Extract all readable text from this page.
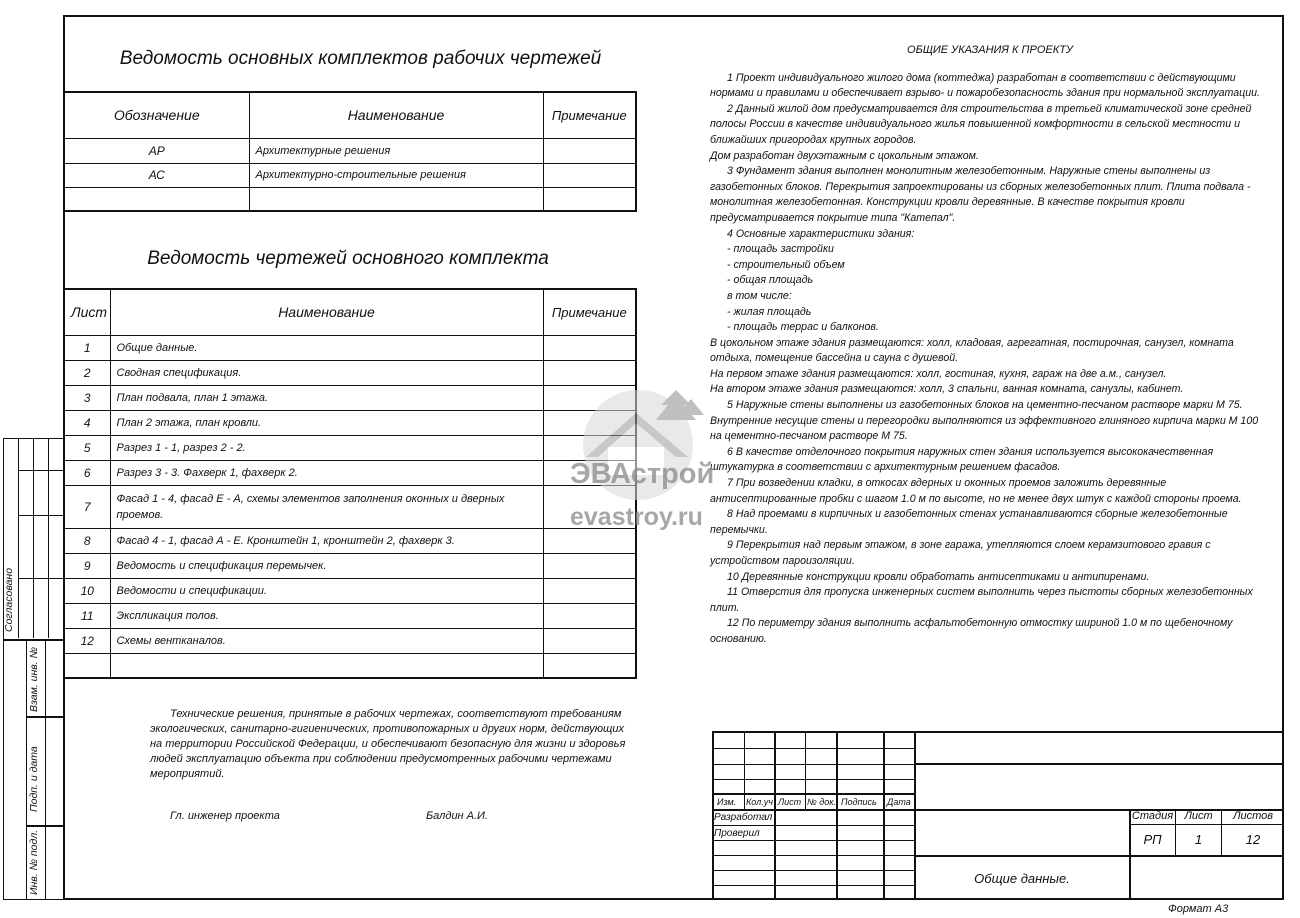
Согласовано
Взам. инв. №
Подп. и дата
Инв. № подл.
Ведомость основных комплектов рабочих чертежей
Обозначение	Наименование	Примечание
АР	Архитектурные решения	
АС	Архитектурно-строительные решения	

Ведомость чертежей основного комплекта
Лист	Наименование	Примечание
1	Общие данные.	
2	Сводная спецификация.	
3	План подвала, план 1 этажа.	
4	План 2 этажа, план кровли.	
5	Разрез 1 - 1, разрез 2 - 2.	
6	Разрез 3 - 3. Фахверк 1, фахверк 2.	
7	Фасад 1 - 4, фасад Е - А, схемы элементов заполнения оконных и дверных проемов.	
8	Фасад 4 - 1, фасад А - Е. Кронштейн 1, кронштейн 2, фахверк 3.	
9	Ведомость и спецификация перемычек.	
10	Ведомости и спецификации.	
11	Экспликация полов.	
12	Схемы вентканалов.	

Технические решения, принятые в рабочих чертежах, соответствуют требованиям экологических, санитарно-гигиенических, противопожарных и других норм, действующих на территории Российской Федерации, и обеспечивают безопасную для жизни и здоровья людей эксплуатацию объекта при соблюдении предусмотренных рабочими чертежами мероприятий.
Гл. инженер проекта	Балдин А.И.
ОБЩИЕ УКАЗАНИЯ К ПРОЕКТУ

1 Проект индивидуального жилого дома (коттеджа) разработан в соответствии с действующими нормами и правилами и обеспечивает взрыво- и пожаробезопасность здания при нормальной эксплуатации.

2 Данный жилой дом предусматривается для строительства в третьей климатической зоне средней полосы России в качестве индивидуального жилья повышенной комфортности в сельской местности и ближайших пригородах крупных городов.

Дом разработан двухэтажным с цокольным этажом.

3 Фундамент здания выполнен монолитным железобетонным. Наружные стены выполнены из газобетонных блоков. Перекрытия запроектированы из сборных железобетонных плит. Плита подвала - монолитная железобетонная. Конструкции кровли деревянные. В качестве покрытия кровли предусматривается покрытие типа "Катепал".

4 Основные характеристики здания:

- площадь застройки

- строительный объем

- общая площадь

в том числе:

- жилая площадь

- площадь террас и балконов.

В цокольном этаже здания размещаются: холл, кладовая, агрегатная, постирочная, санузел, комната отдыха, помещение бассейна и сауна с душевой.

На первом этаже здания размещаются: холл, гостиная, кухня, гараж на две а.м., санузел.

На втором этаже здания размещаются: холл, 3 спальни, ванная комната, санузлы, кабинет.

5 Наружные стены выполнены из газобетонных блоков на цементно-песчаном растворе марки М 75. Внутренние несущие стены и перегородки выполняются из эффективного глиняного кирпича марки М 100 на цементно-песчаном растворе М 75.

6 В качестве отделочного покрытия наружных стен здания используется высококачественная штукатурка в соответствии с архитектурным решением фасадов.

7 При возведении кладки, в откосах вдерных и оконных проемов заложить деревянные антисептированные пробки с шагом 1.0 м по высоте, но не менее двух штук с каждой стороны проема.

8 Над проемами в кирпичных и газобетонных стенах устанавливаются сборные железобетонные перемычки.

9 Перекрытия над первым этажом, в зоне гаража, утепляются слоем керамзитового гравия с устройством пароизоляции.

10 Деревянные конструкции кровли обработать антисептиками и антипиренами.

11 Отверстия для пропуска инженерных систем выполнить через пыстоты сборных железобетонных плит.

12 По периметру здания выполнить асфальтобетонную отмостку шириной 1.0 м по щебеночному основанию.

ЭВАстрой
evastroy.ru
Изм. Кол.уч Лист № док. Подпись Дата
Разработал
Проверил
Стадия	Лист	Листов
РП	1	12
Общие данные.
Формат А3
